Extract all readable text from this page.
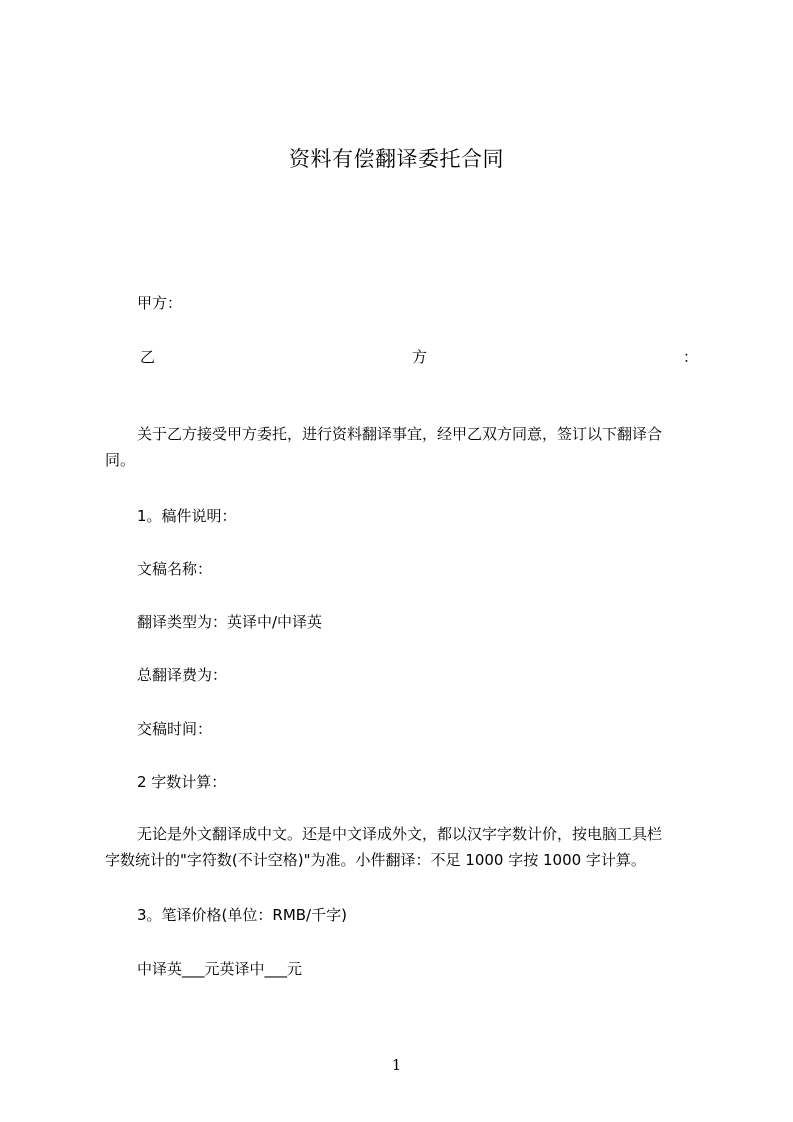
资料有偿翻译委托合同
甲方：
乙	方	：
关于乙方接受甲方委托，进行资料翻译事宜，经甲乙双方同意，签订以下翻译合
同。
1。稿件说明：
文稿名称：
翻译类型为：英译中/中译英
总翻译费为：
交稿时间：
2 字数计算：
无论是外文翻译成中文。还是中文译成外文，都以汉字字数计价，按电脑工具栏
字数统计的"字符数(不计空格)"为准。小件翻译：不足 1000 字按 1000 字计算。
3。笔译价格(单位：RMB/千字)
中译英___元英译中___元
1
